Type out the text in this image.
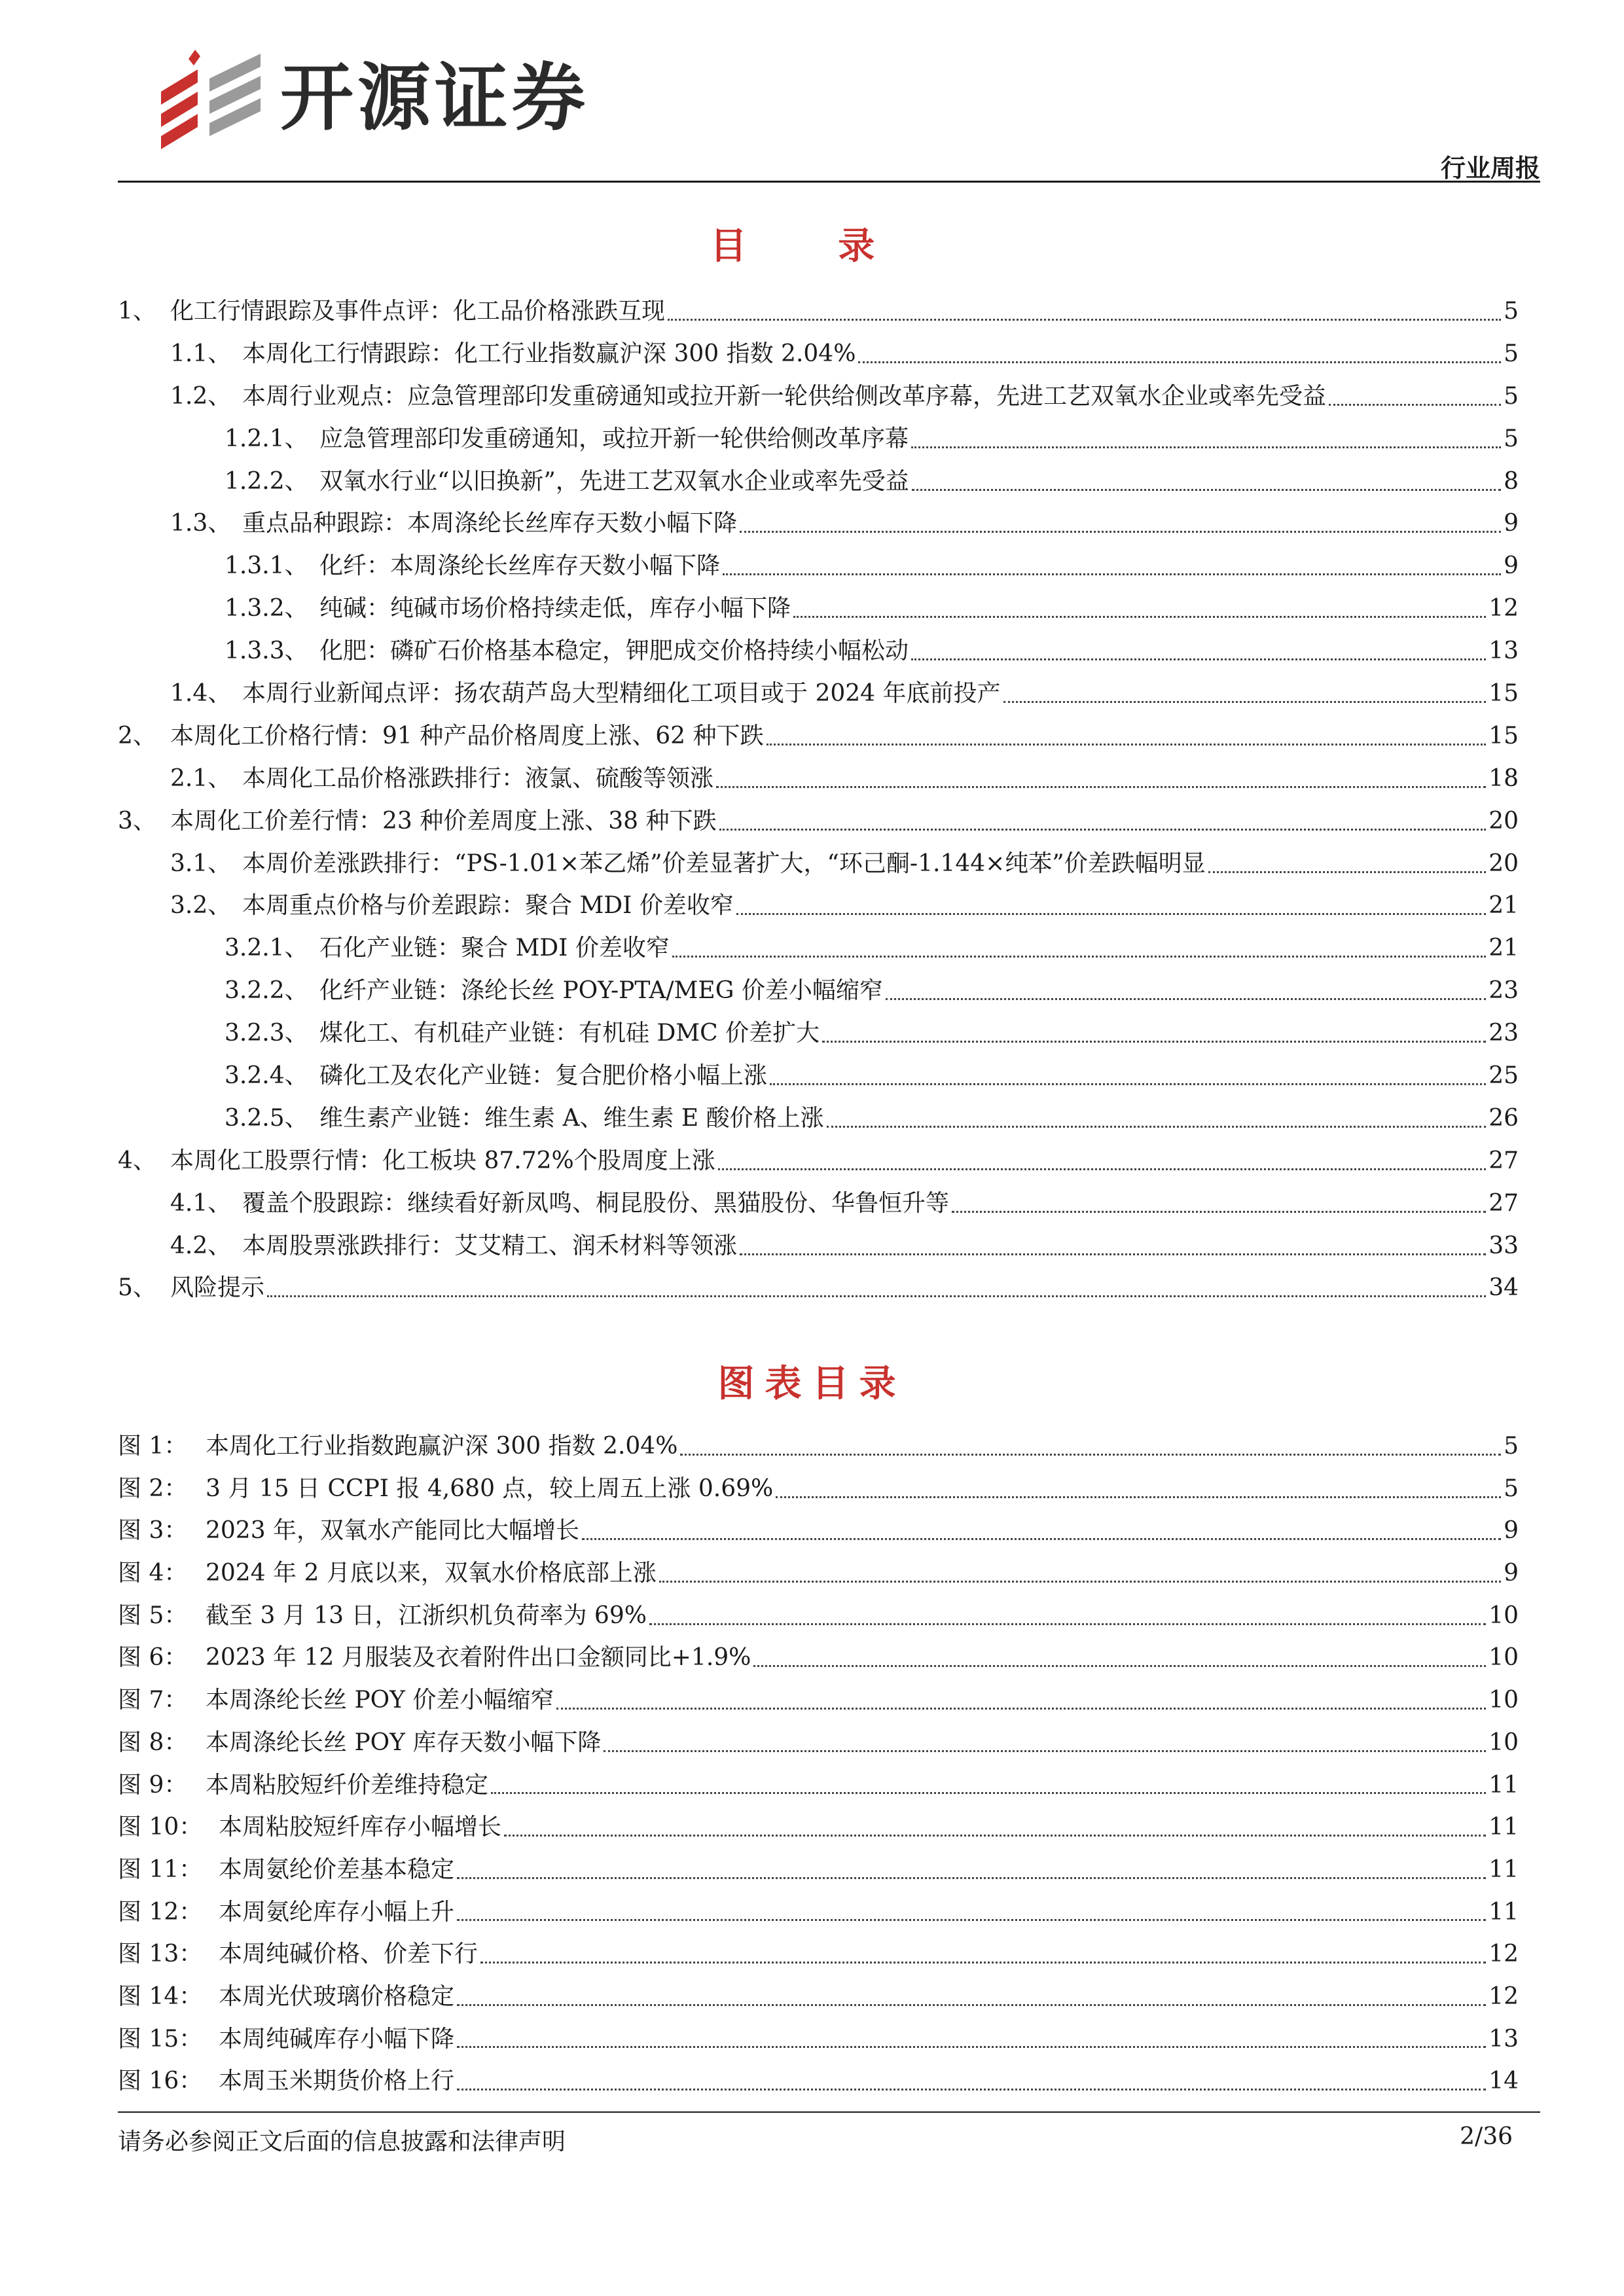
开源证券
行业周报
目 录
1、 化工行情跟踪及事件点评：化工品价格涨跌互现	5
1.1、 本周化工行情跟踪：化工行业指数赢沪深 300 指数 2.04%	5
1.2、 本周行业观点：应急管理部印发重磅通知或拉开新一轮供给侧改革序幕，先进工艺双氧水企业或率先受益	5
1.2.1、 应急管理部印发重磅通知，或拉开新一轮供给侧改革序幕	5
1.2.2、 双氧水行业“以旧换新”，先进工艺双氧水企业或率先受益	8
1.3、 重点品种跟踪：本周涤纶长丝库存天数小幅下降	9
1.3.1、 化纤：本周涤纶长丝库存天数小幅下降	9
1.3.2、 纯碱：纯碱市场价格持续走低，库存小幅下降	12
1.3.3、 化肥：磷矿石价格基本稳定，钾肥成交价格持续小幅松动	13
1.4、 本周行业新闻点评：扬农葫芦岛大型精细化工项目或于 2024 年底前投产	15
2、 本周化工价格行情：91 种产品价格周度上涨、62 种下跌	15
2.1、 本周化工品价格涨跌排行：液氯、硫酸等领涨	18
3、 本周化工价差行情：23 种价差周度上涨、38 种下跌	20
3.1、 本周价差涨跌排行：“PS-1.01×苯乙烯”价差显著扩大，“环己酮-1.144×纯苯”价差跌幅明显	20
3.2、 本周重点价格与价差跟踪：聚合 MDI 价差收窄	21
3.2.1、 石化产业链：聚合 MDI 价差收窄	21
3.2.2、 化纤产业链：涤纶长丝 POY-PTA/MEG 价差小幅缩窄	23
3.2.3、 煤化工、有机硅产业链：有机硅 DMC 价差扩大	23
3.2.4、 磷化工及农化产业链：复合肥价格小幅上涨	25
3.2.5、 维生素产业链：维生素 A、维生素 E 酸价格上涨	26
4、 本周化工股票行情：化工板块 87.72%个股周度上涨	27
4.1、 覆盖个股跟踪：继续看好新凤鸣、桐昆股份、黑猫股份、华鲁恒升等	27
4.2、 本周股票涨跌排行：艾艾精工、润禾材料等领涨	33
5、 风险提示	34
图表目录
图 1： 本周化工行业指数跑赢沪深 300 指数 2.04%	5
图 2： 3 月 15 日 CCPI 报 4,680 点，较上周五上涨 0.69%	5
图 3： 2023 年，双氧水产能同比大幅增长	9
图 4： 2024 年 2 月底以来，双氧水价格底部上涨	9
图 5： 截至 3 月 13 日，江浙织机负荷率为 69%	10
图 6： 2023 年 12 月服装及衣着附件出口金额同比+1.9%	10
图 7： 本周涤纶长丝 POY 价差小幅缩窄	10
图 8： 本周涤纶长丝 POY 库存天数小幅下降	10
图 9： 本周粘胶短纤价差维持稳定	11
图 10： 本周粘胶短纤库存小幅增长	11
图 11： 本周氨纶价差基本稳定	11
图 12： 本周氨纶库存小幅上升	11
图 13： 本周纯碱价格、价差下行	12
图 14： 本周光伏玻璃价格稳定	12
图 15： 本周纯碱库存小幅下降	13
图 16： 本周玉米期货价格上行	14
请务必参阅正文后面的信息披露和法律声明	2/36
